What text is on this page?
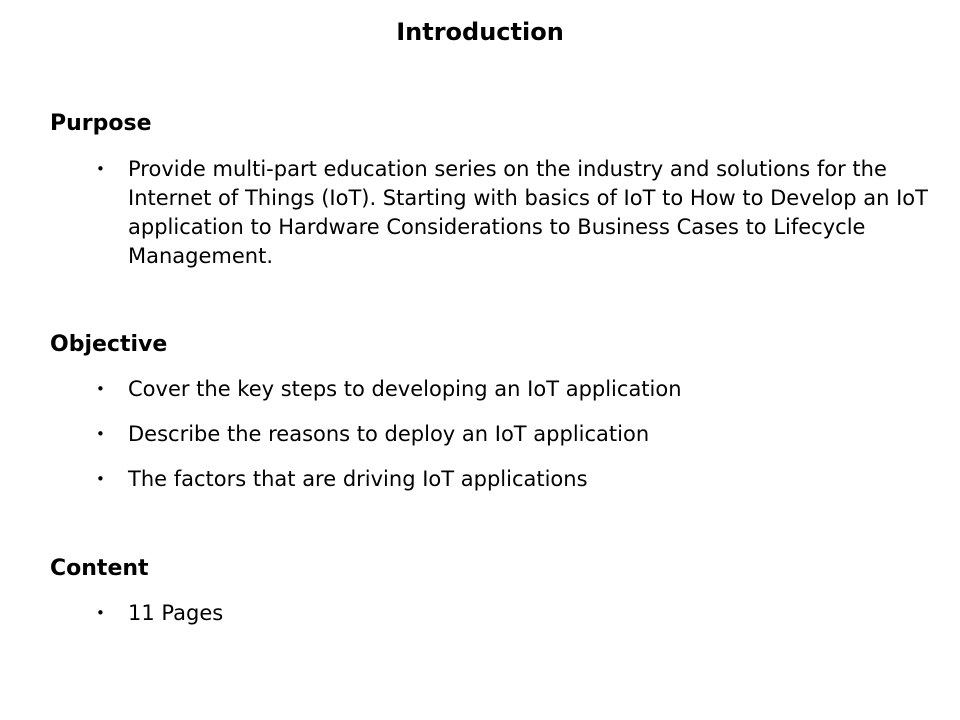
Introduction
Purpose
• Provide multi-part education series on the industry and solutions for the Internet of Things (IoT). Starting with basics of IoT to How to Develop an IoT application to Hardware Considerations to Business Cases to Lifecycle Management.
Objective
• Cover the key steps to developing an IoT application
• Describe the reasons to deploy an IoT application
• The factors that are driving IoT applications
Content
• 11 Pages
